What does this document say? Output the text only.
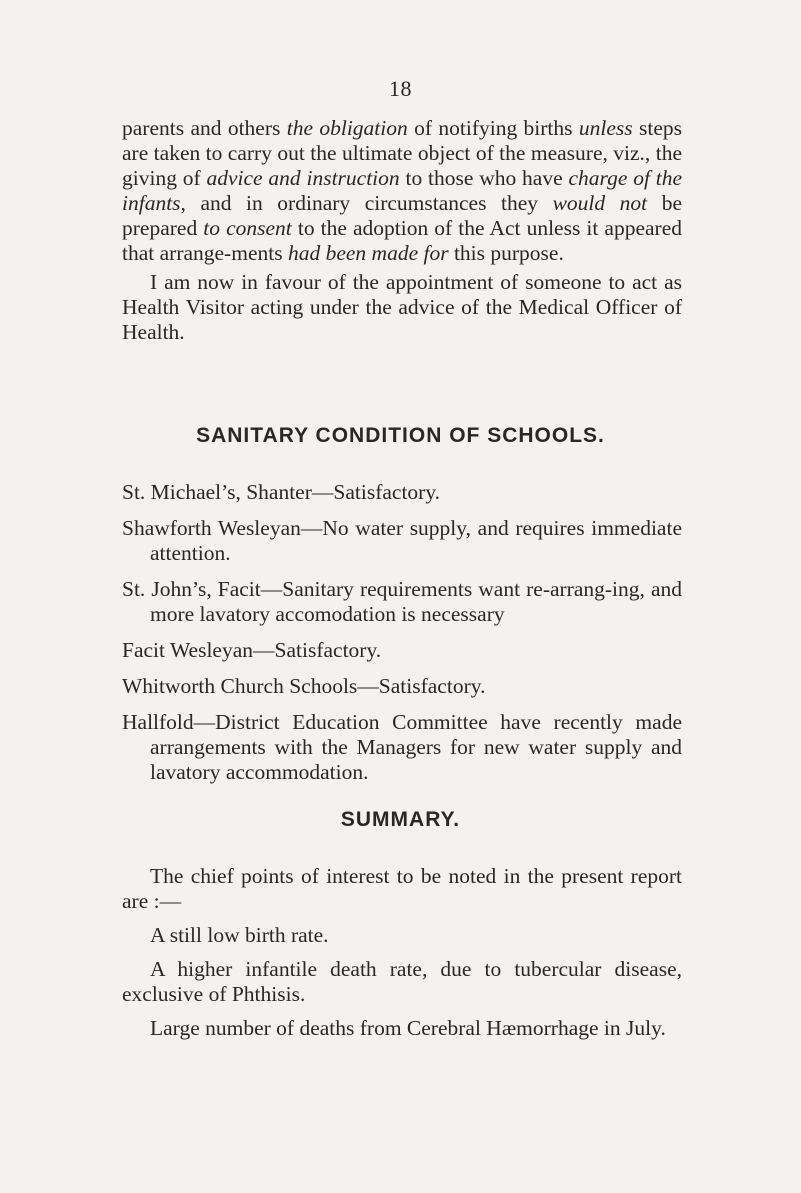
18

parents and others the obligation of notifying births unless steps are taken to carry out the ultimate object of the measure, viz., the giving of advice and instruction to those who have charge of the infants, and in ordinary circumstances they would not be prepared to consent to the adoption of the Act unless it appeared that arrange-ments had been made for this purpose.

I am now in favour of the appointment of someone to act as Health Visitor acting under the advice of the Medical Officer of Health.

SANITARY CONDITION OF SCHOOLS.

St. Michael’s, Shanter—Satisfactory.

Shawforth Wesleyan—No water supply, and requires immediate attention.

St. John’s, Facit—Sanitary requirements want re-arrang-ing, and more lavatory accomodation is necessary

Facit Wesleyan—Satisfactory.

Whitworth Church Schools—Satisfactory.

Hallfold—District Education Committee have recently made arrangements with the Managers for new water supply and lavatory accommodation.

SUMMARY.

The chief points of interest to be noted in the present report are :—

A still low birth rate.

A higher infantile death rate, due to tubercular disease, exclusive of Phthisis.

Large number of deaths from Cerebral Hæmorrhage in July.
